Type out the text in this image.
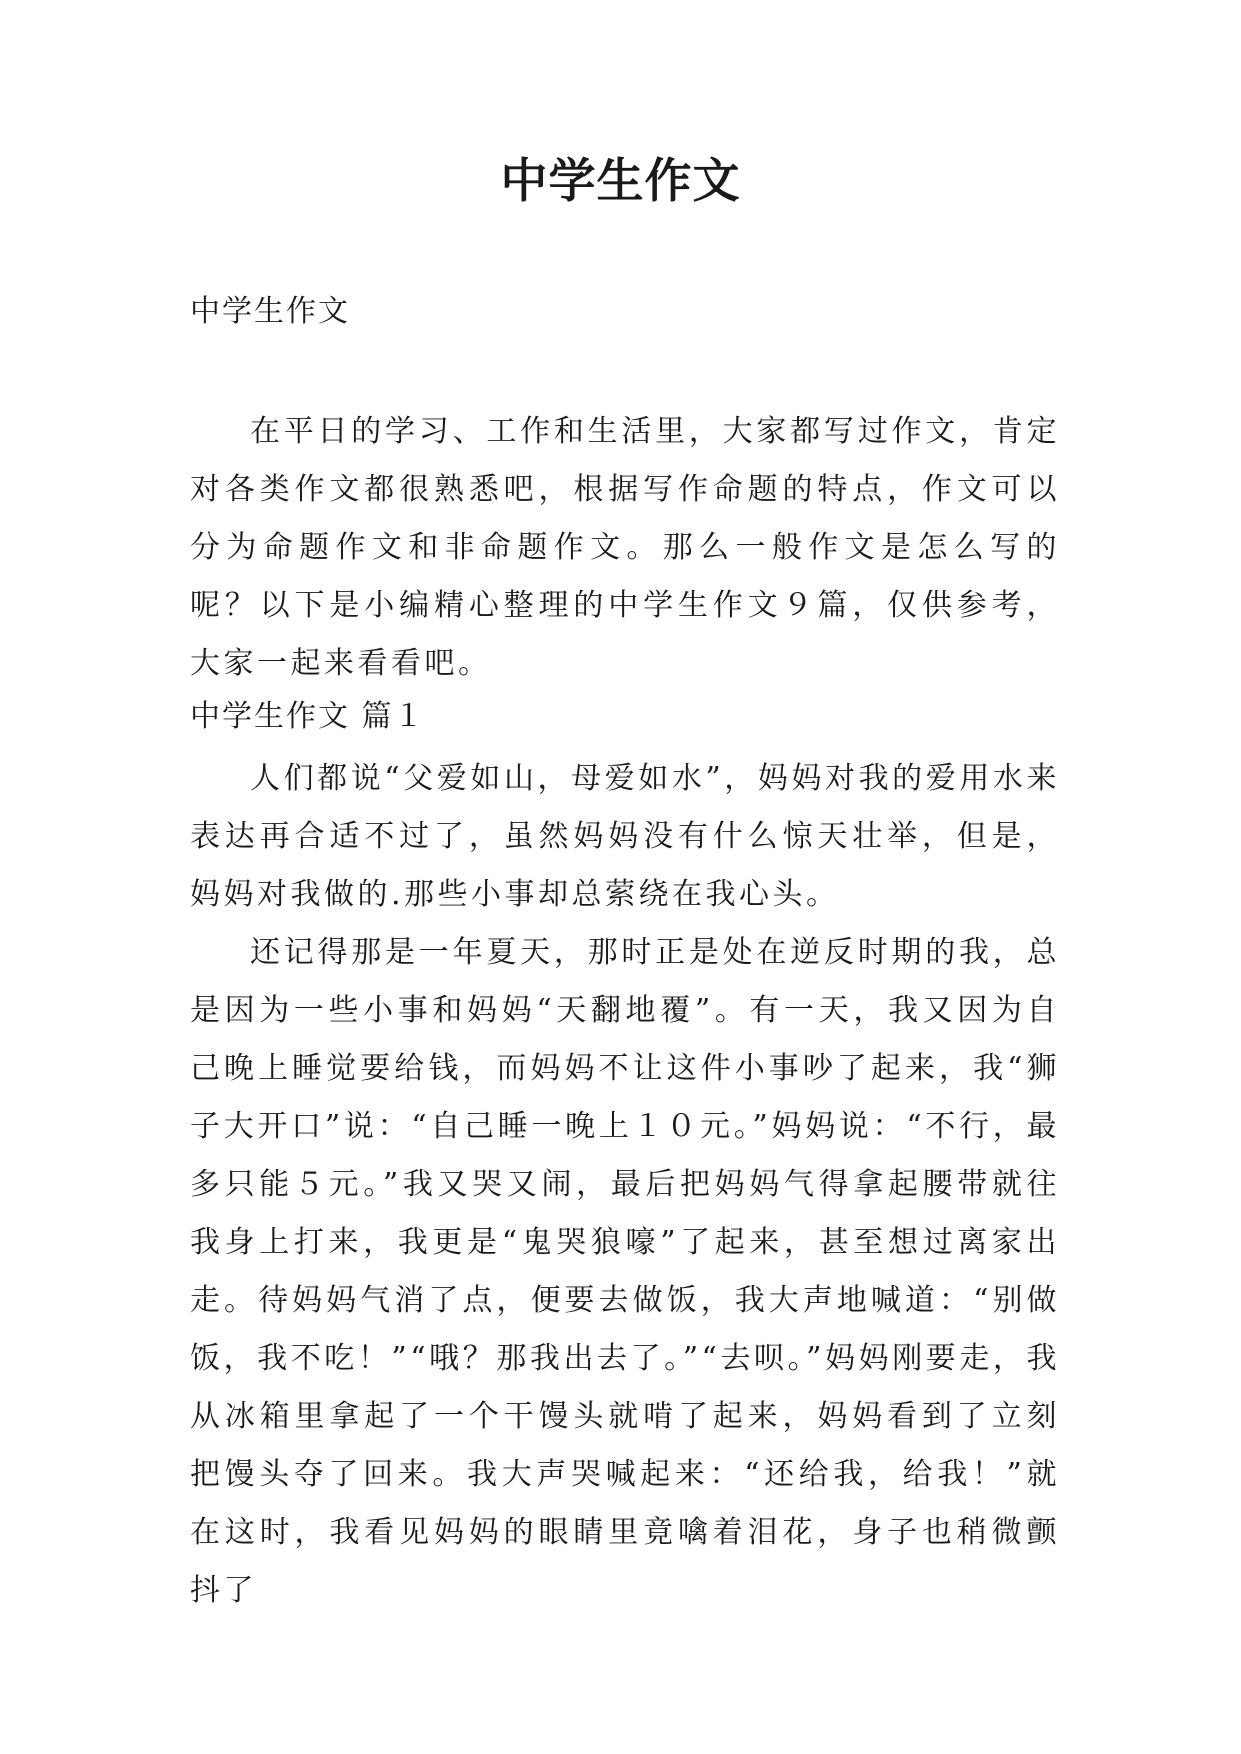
中学生作文
中学生作文

在平日的学习、工作和生活里，大家都写过作文，肯定对各类作文都很熟悉吧，根据写作命题的特点，作文可以分为命题作文和非命题作文。那么一般作文是怎么写的呢？以下是小编精心整理的中学生作文９篇，仅供参考，大家一起来看看吧。

中学生作文 篇１

人们都说“父爱如山，母爱如水”，妈妈对我的爱用水来表达再合适不过了，虽然妈妈没有什么惊天壮举，但是，妈妈对我做的.那些小事却总萦绕在我心头。

还记得那是一年夏天，那时正是处在逆反时期的我，总是因为一些小事和妈妈“天翻地覆”。有一天，我又因为自己晚上睡觉要给钱，而妈妈不让这件小事吵了起来，我“狮子大开口”说：“自己睡一晚上１０元。”妈妈说：“不行，最多只能５元。”我又哭又闹，最后把妈妈气得拿起腰带就往我身上打来，我更是“鬼哭狼嚎”了起来，甚至想过离家出走。待妈妈气消了点，便要去做饭，我大声地喊道：“别做饭，我不吃！”“哦？那我出去了。”“去呗。”妈妈刚要走，我从冰箱里拿起了一个干馒头就啃了起来，妈妈看到了立刻把馒头夺了回来。我大声哭喊起来：“还给我，给我！”就在这时，我看见妈妈的眼睛里竟噙着泪花，身子也稍微颤抖了
